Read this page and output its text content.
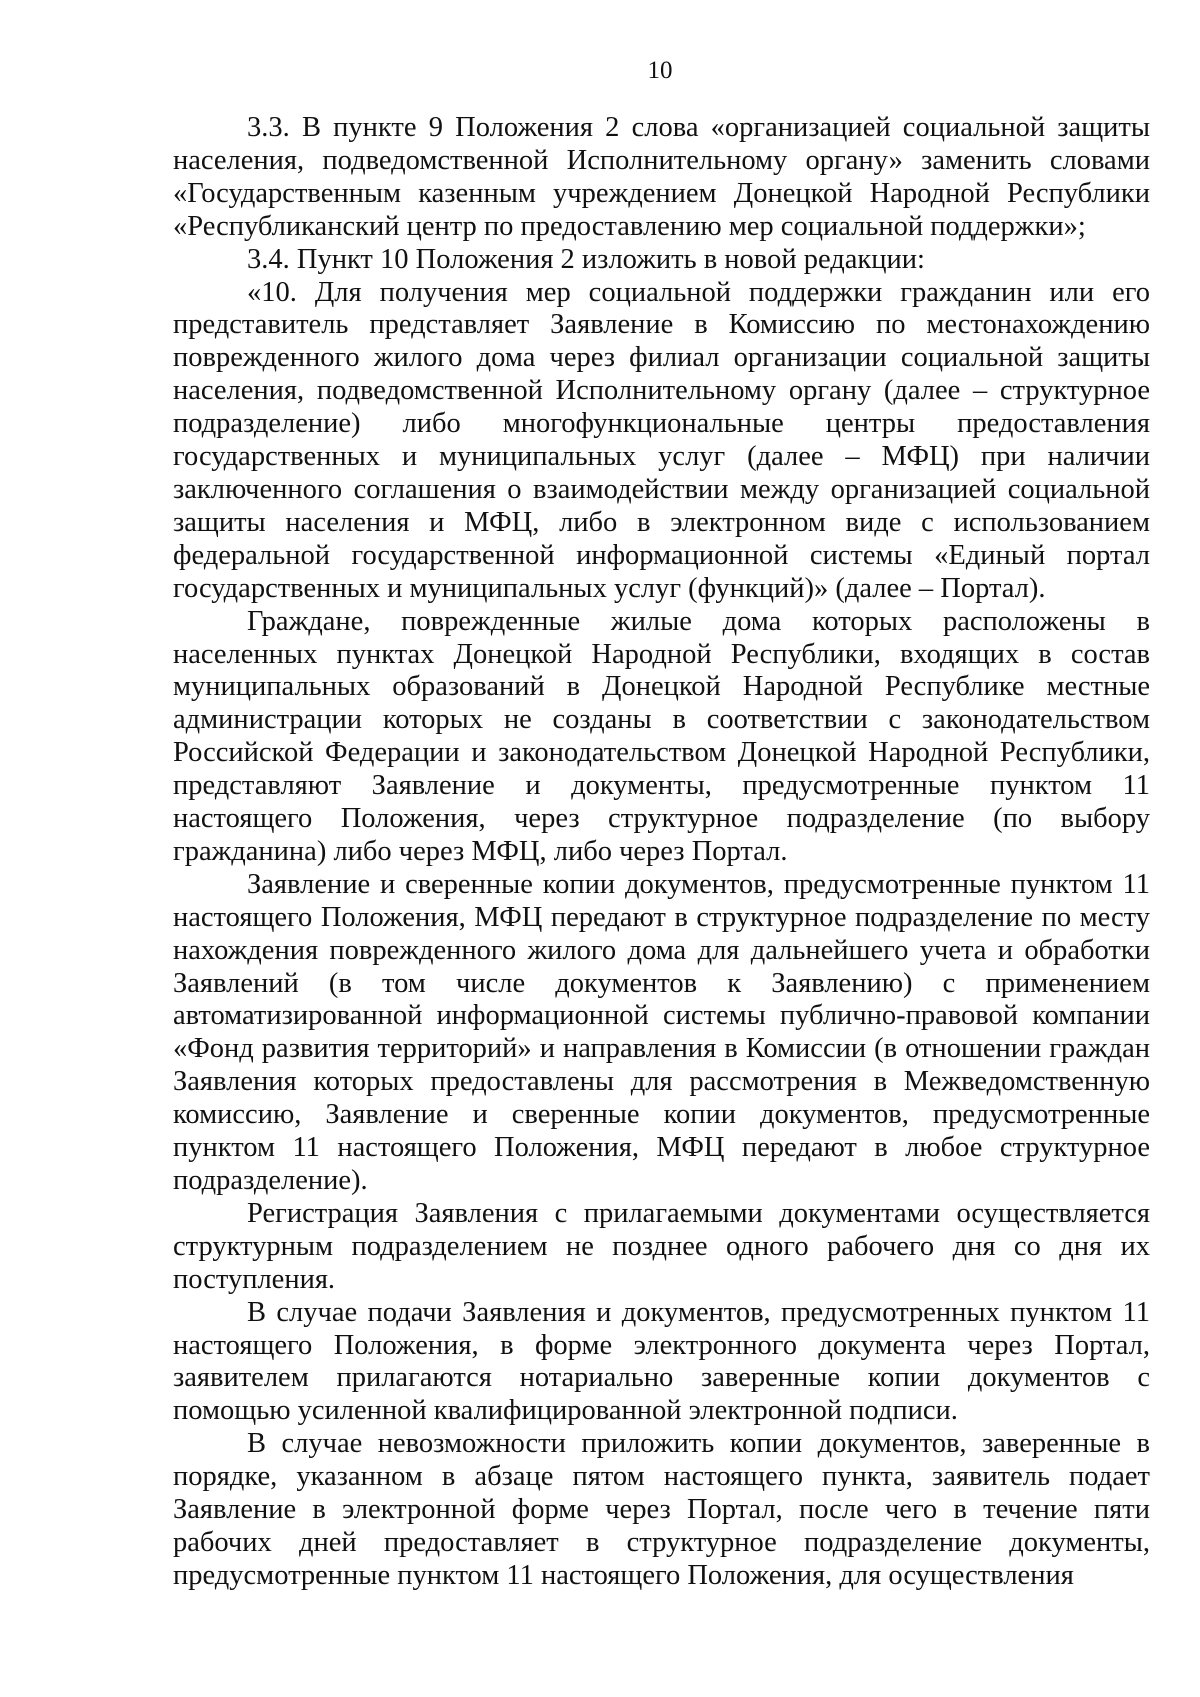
10

3.3. В пункте 9 Положения 2 слова «организацией социальной защиты населения, подведомственной Исполнительному органу» заменить словами «Государственным казенным учреждением Донецкой Народной Республики «Республиканский центр по предоставлению мер социальной поддержки»;

3.4. Пункт 10 Положения 2 изложить в новой редакции:

«10. Для получения мер социальной поддержки гражданин или его представитель представляет Заявление в Комиссию по местонахождению поврежденного жилого дома через филиал организации социальной защиты населения, подведомственной Исполнительному органу (далее – структурное подразделение) либо многофункциональные центры предоставления государственных и муниципальных услуг (далее – МФЦ) при наличии заключенного соглашения о взаимодействии между организацией социальной защиты населения и МФЦ, либо в электронном виде с использованием федеральной государственной информационной системы «Единый портал государственных и муниципальных услуг (функций)» (далее – Портал).

Граждане, поврежденные жилые дома которых расположены в населенных пунктах Донецкой Народной Республики, входящих в состав муниципальных образований в Донецкой Народной Республике местные администрации которых не созданы в соответствии с законодательством Российской Федерации и законодательством Донецкой Народной Республики, представляют Заявление и документы, предусмотренные пунктом 11 настоящего Положения, через структурное подразделение (по выбору гражданина) либо через МФЦ, либо через Портал.

Заявление и сверенные копии документов, предусмотренные пунктом 11 настоящего Положения, МФЦ передают в структурное подразделение по месту нахождения поврежденного жилого дома для дальнейшего учета и обработки Заявлений (в том числе документов к Заявлению) с применением автоматизированной информационной системы публично-правовой компании «Фонд развития территорий» и направления в Комиссии (в отношении граждан Заявления которых предоставлены для рассмотрения в Межведомственную комиссию, Заявление и сверенные копии документов, предусмотренные пунктом 11 настоящего Положения, МФЦ передают в любое структурное подразделение).

Регистрация Заявления с прилагаемыми документами осуществляется структурным подразделением не позднее одного рабочего дня со дня их поступления.

В случае подачи Заявления и документов, предусмотренных пунктом 11 настоящего Положения, в форме электронного документа через Портал, заявителем прилагаются нотариально заверенные копии документов с помощью усиленной квалифицированной электронной подписи.

В случае невозможности приложить копии документов, заверенные в порядке, указанном в абзаце пятом настоящего пункта, заявитель подает Заявление в электронной форме через Портал, после чего в течение пяти рабочих дней предоставляет в структурное подразделение документы, предусмотренные пунктом 11 настоящего Положения, для осуществления
